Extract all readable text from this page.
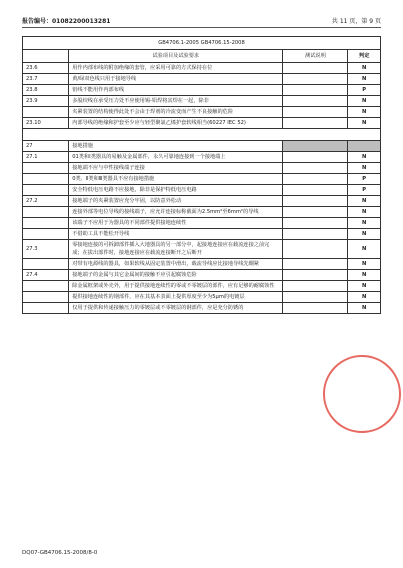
报告编号：01082200013281	共 11 页，第 9 页
GB4706.1-2005 GB4706.15-2008			
	试验项目及试验要求	测试说明	判定
23.6	用作内部布线的附加绝缘的套管，应采用可靠的方式保持在位		N
23.7	黄/绿双色线只用于接地导线		N
23.8	铝线不能用作内部布线		P
23.9	多股绞线在承受压力处不应使用锡-铅焊将其焊在一起，除非		N
	夹紧装置的结构使得此处不会由于焊剂的冷流变而产生不良接触的危险		N
23.10	内部导线的绝缘和护套至少应与轻型聚氯乙烯护套软线相当(60227 IEC 52)		N

27	接地措施		
27.1	01类和Ⅰ类器具的易触及金属部件，永久可靠地连接到一个接地端上		N
	接地端不应与中性接线端子连接		N
	0类、Ⅱ类和Ⅲ类器具不应有接地措施		P
	安全特低电压电路不应接地，除非是保护特低电压电路		P
27.2	接地端子的夹紧装置应充分牢固，以防意外松动		N
	连接外部等电位导线的接线端子，应允许连接标称截面为2.5mm²至6mm²的导线		N
	该端子不应用于为器具的不同部件提供接地连续性		N
	不借助工具不能松开导线		N
27.3	零接地连接的可拆卸部件插入大地器具的另一部分中，起接地连接应在载流连接之前完成；在拔出部件时，接地连接应在载流连接断开之后断开		N
	对带有电源线的器具，如果软线从固定装置中滑出，载流导线应比接地导线先绷紧		N
27.4	接地端子的金属与其它金属间的接触不应引起腐蚀危险		N
	除金属框架或外壳外，用于提供接地连续性的零或不零镀层的部件，应有足够的耐腐蚀性		N
	提供接地连续性的钢部件，应在其基本表面上提供厚度至少为5μm的电镀层		N
	仅用于提供和传递接触压力的零镀层或不零镀层的钢部件，应是充分防锈的		N
DQ07-GB4706.15-2008/8-0
